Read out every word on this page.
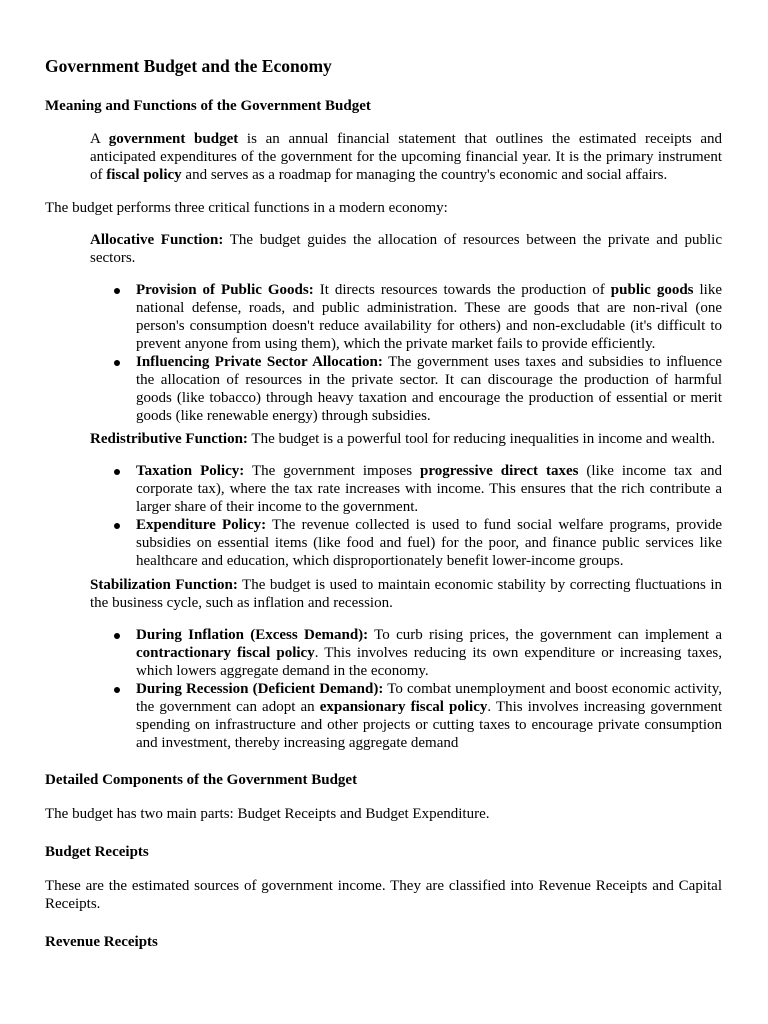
Government Budget and the Economy
Meaning and Functions of the Government Budget

A government budget is an annual financial statement that outlines the estimated receipts and anticipated expenditures of the government for the upcoming financial year. It is the primary instrument of fiscal policy and serves as a roadmap for managing the country's economic and social affairs.

The budget performs three critical functions in a modern economy:

Allocative Function: The budget guides the allocation of resources between the private and public sectors.

Provision of Public Goods: It directs resources towards the production of public goods like national defense, roads, and public administration. These are goods that are non-rival (one person's consumption doesn't reduce availability for others) and non-excludable (it's difficult to prevent anyone from using them), which the private market fails to provide efficiently.
Influencing Private Sector Allocation: The government uses taxes and subsidies to influence the allocation of resources in the private sector. It can discourage the production of harmful goods (like tobacco) through heavy taxation and encourage the production of essential or merit goods (like renewable energy) through subsidies.

Redistributive Function: The budget is a powerful tool for reducing inequalities in income and wealth.

Taxation Policy: The government imposes progressive direct taxes (like income tax and corporate tax), where the tax rate increases with income. This ensures that the rich contribute a larger share of their income to the government.
Expenditure Policy: The revenue collected is used to fund social welfare programs, provide subsidies on essential items (like food and fuel) for the poor, and finance public services like healthcare and education, which disproportionately benefit lower-income groups.

Stabilization Function: The budget is used to maintain economic stability by correcting fluctuations in the business cycle, such as inflation and recession.

During Inflation (Excess Demand): To curb rising prices, the government can implement a contractionary fiscal policy. This involves reducing its own expenditure or increasing taxes, which lowers aggregate demand in the economy.
During Recession (Deficient Demand): To combat unemployment and boost economic activity, the government can adopt an expansionary fiscal policy. This involves increasing government spending on infrastructure and other projects or cutting taxes to encourage private consumption and investment, thereby increasing aggregate demand
Detailed Components of the Government Budget

The budget has two main parts: Budget Receipts and Budget Expenditure.

Budget Receipts

These are the estimated sources of government income. They are classified into Revenue Receipts and Capital Receipts.

Revenue Receipts
